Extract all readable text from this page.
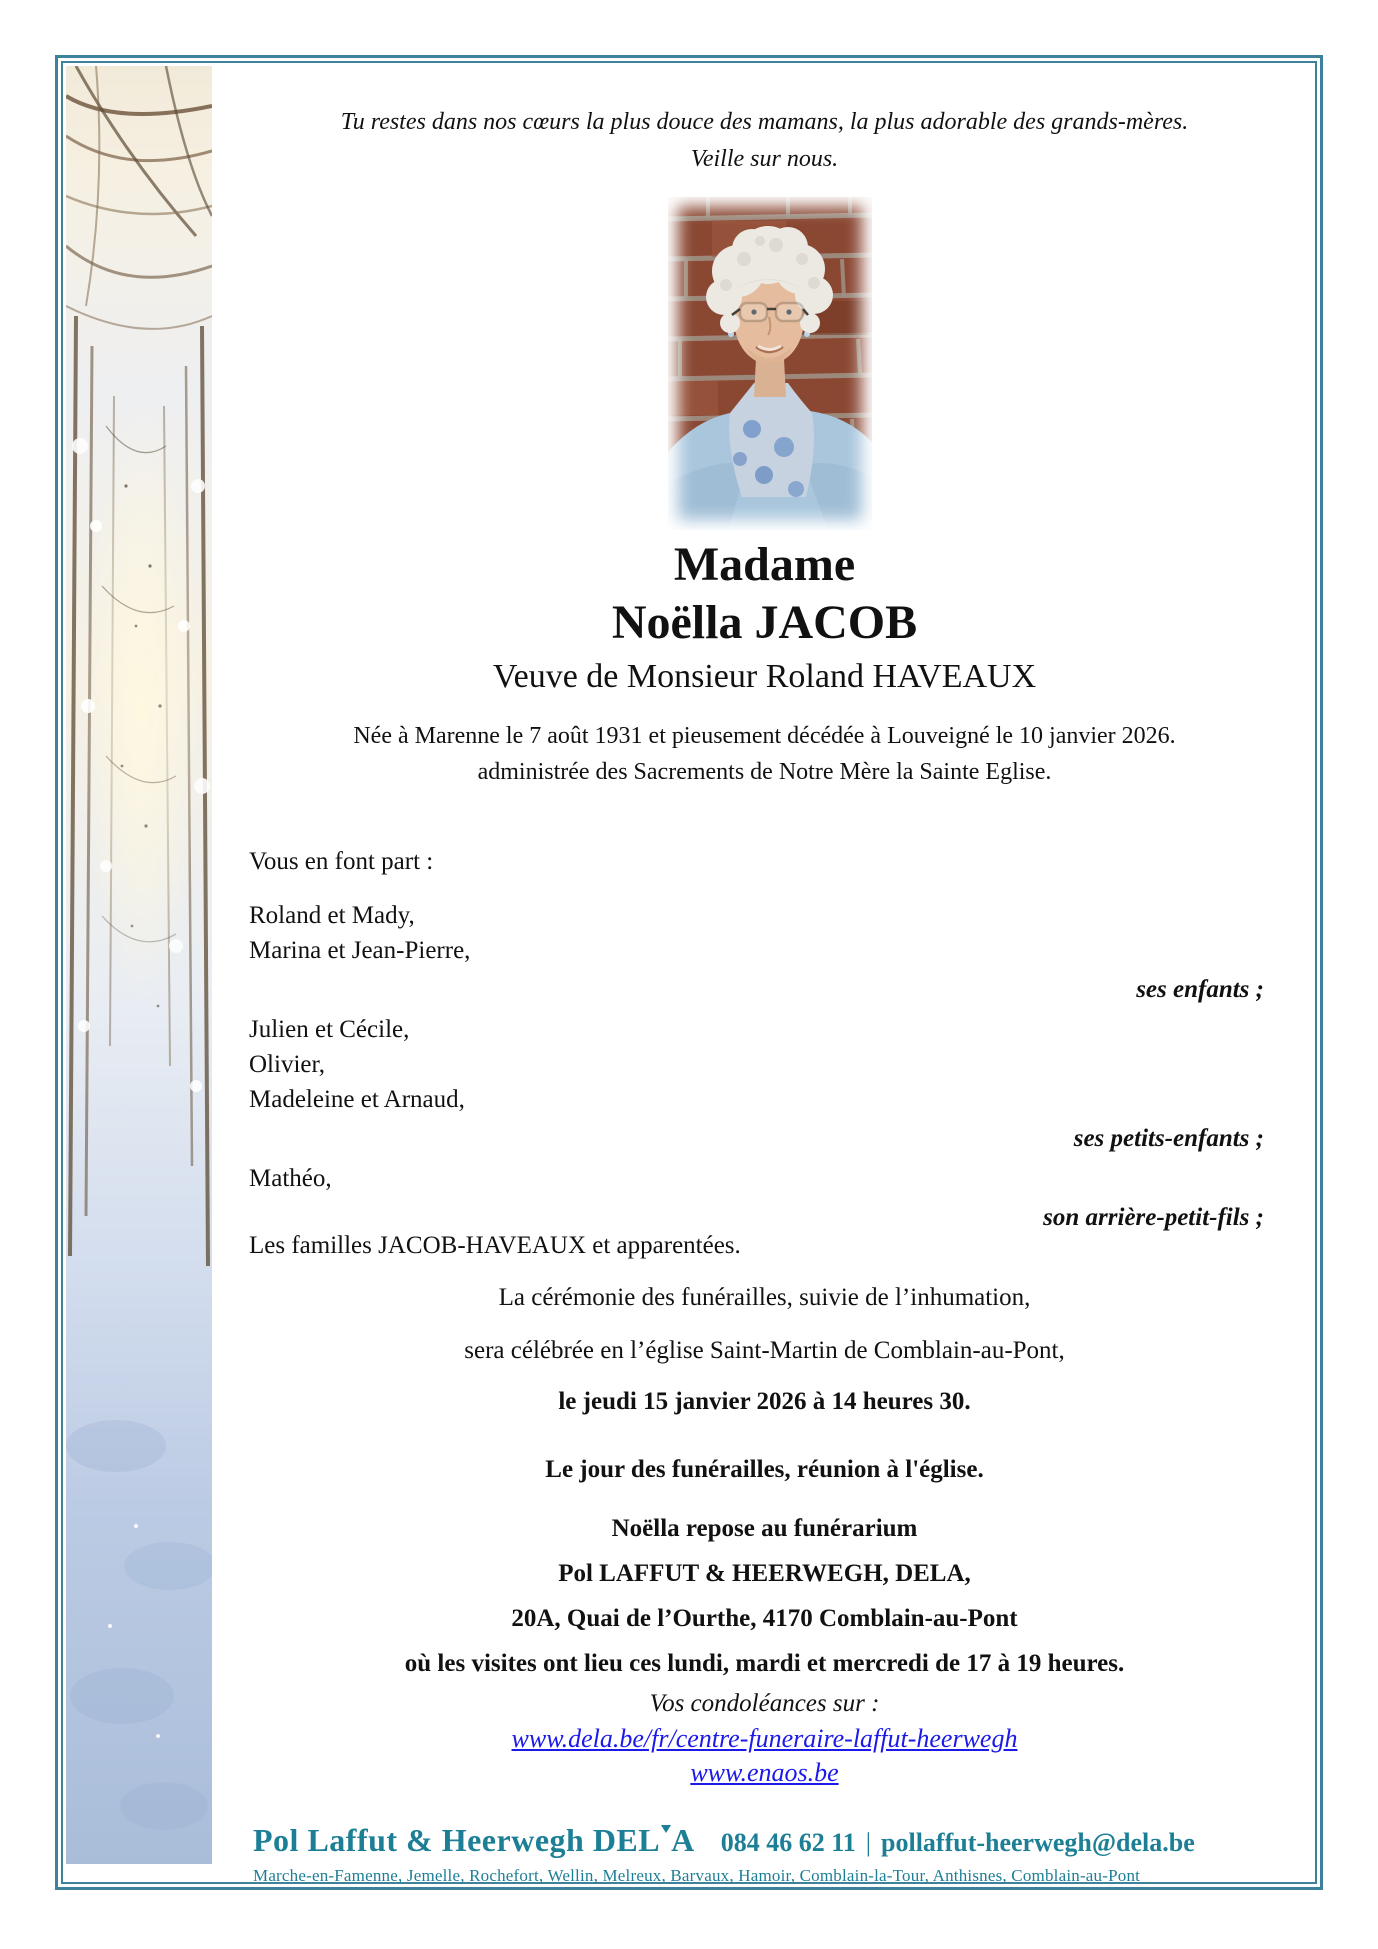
Tu restes dans nos cœurs la plus douce des mamans, la plus adorable des grands-mères.
Veille sur nous.
Madame
Noëlla JACOB
Veuve de Monsieur Roland HAVEAUX
Née à Marenne le 7 août 1931 et pieusement décédée à Louveigné le 10 janvier 2026.
administrée des Sacrements de Notre Mère la Sainte Eglise.
Vous en font part :
Roland et Mady,
Marina et Jean-Pierre,
ses enfants ;
Julien et Cécile,
Olivier,
Madeleine et Arnaud,
ses petits-enfants ;
Mathéo,
son arrière-petit-fils ;
Les familles JACOB-HAVEAUX et apparentées.
La cérémonie des funérailles, suivie de l’inhumation,
sera célébrée en l’église Saint-Martin de Comblain-au-Pont,
le jeudi 15 janvier 2026 à 14 heures 30.
Le jour des funérailles, réunion à l'église.
Noëlla repose au funérarium
Pol LAFFUT & HEERWEGH, DELA,
20A, Quai de l’Ourthe, 4170 Comblain-au-Pont
où les visites ont lieu ces lundi, mardi et mercredi de 17 à 19 heures.
Vos condoléances sur :
www.dela.be/fr/centre-funeraire-laffut-heerwegh
www.enaos.be
Pol Laffut & Heerwegh DEL A 084 46 62 11 | pollaffut-heerwegh@dela.be
Marche-en-Famenne, Jemelle, Rochefort, Wellin, Melreux, Barvaux, Hamoir, Comblain-la-Tour, Anthisnes, Comblain-au-Pont
